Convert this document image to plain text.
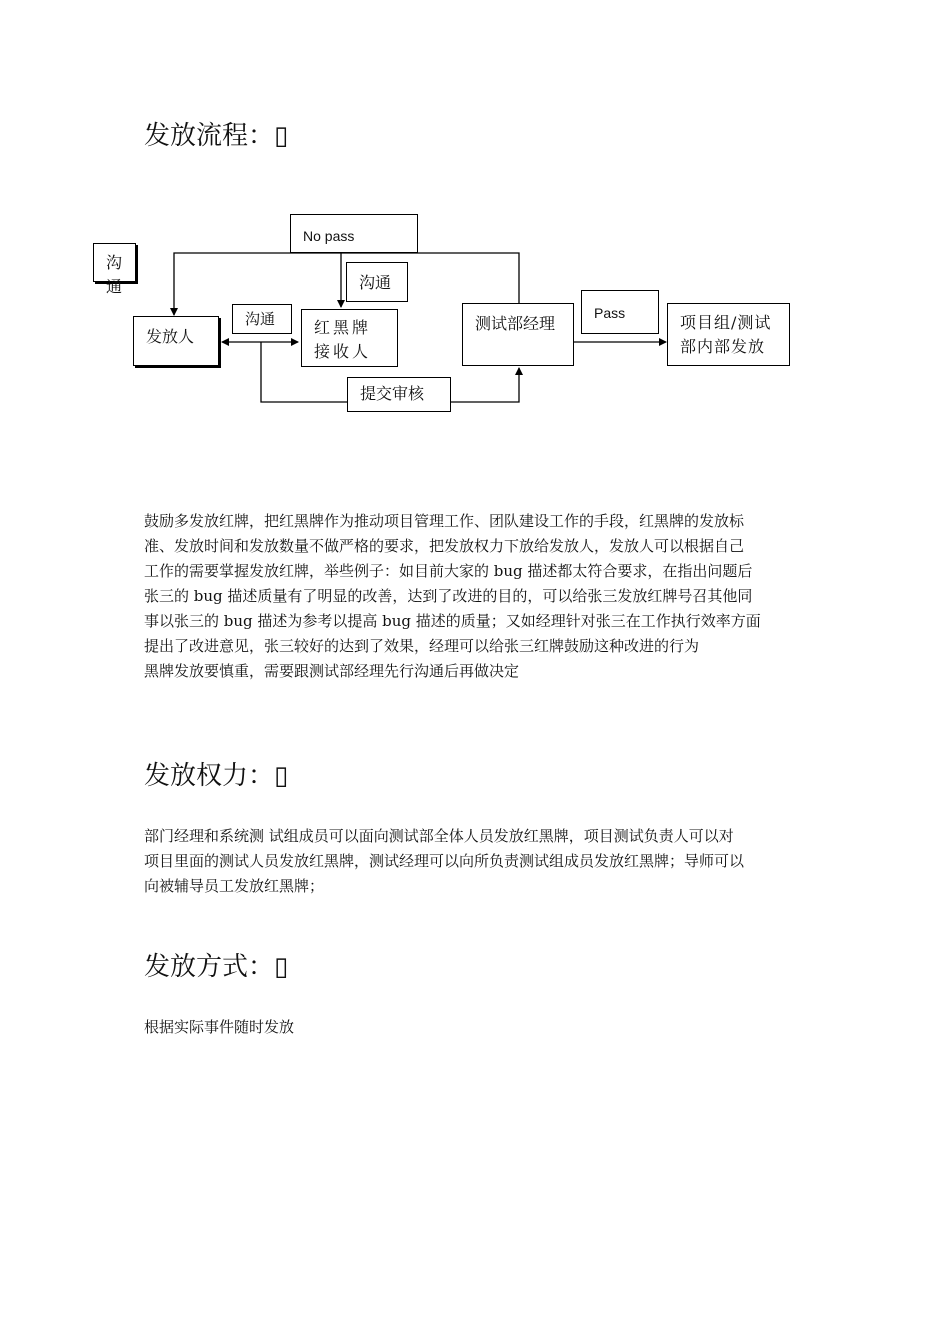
发放流程：▯
No pass
沟通	沟通
发放人
沟通	红黑牌接收人
测试部经理
Pass	项目组/测试部内部发放
提交审核
鼓励多发放红牌，把红黑牌作为推动项目管理工作、团队建设工作的手段，红黑牌的发放标
准、发放时间和发放数量不做严格的要求，把发放权力下放给发放人，发放人可以根据自己
工作的需要掌握发放红牌，举些例子：如目前大家的 bug 描述都太符合要求，在指出问题后
张三的 bug 描述质量有了明显的改善，达到了改进的目的，可以给张三发放红牌号召其他同
事以张三的 bug 描述为参考以提高 bug 描述的质量；又如经理针对张三在工作执行效率方面
提出了改进意见，张三较好的达到了效果，经理可以给张三红牌鼓励这种改进的行为
黑牌发放要慎重，需要跟测试部经理先行沟通后再做决定
发放权力：▯
部门经理和系统测 试组成员可以面向测试部全体人员发放红黑牌，项目测试负责人可以对
项目里面的测试人员发放红黑牌，测试经理可以向所负责测试组成员发放红黑牌；导师可以
向被辅导员工发放红黑牌；
发放方式：▯
根据实际事件随时发放
